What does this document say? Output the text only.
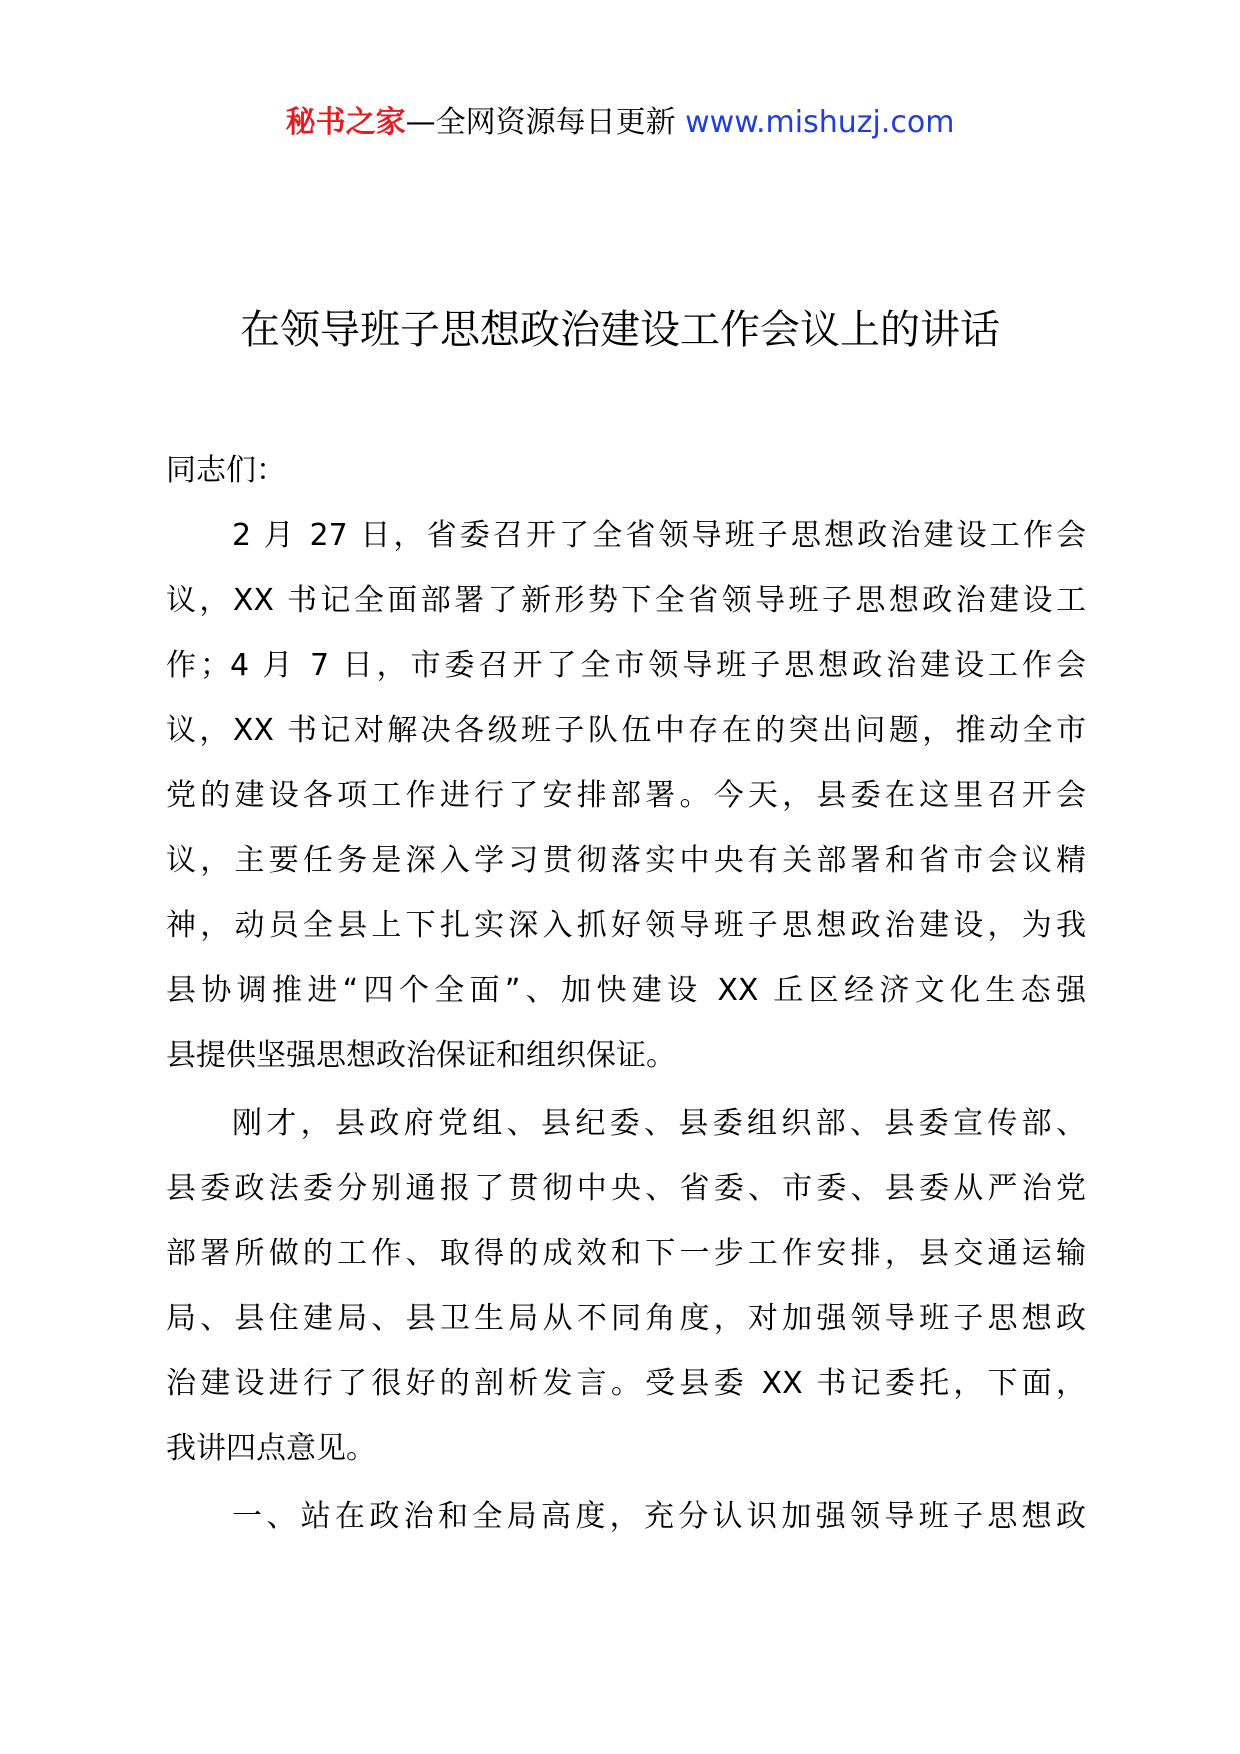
秘书之家—全网资源每日更新 www.mishuzj.com
在领导班子思想政治建设工作会议上的讲话
同志们：
2 月 27 日，省委召开了全省领导班子思想政治建设工作会
议，XX 书记全面部署了新形势下全省领导班子思想政治建设工
作；4 月 7 日，市委召开了全市领导班子思想政治建设工作会
议，XX 书记对解决各级班子队伍中存在的突出问题，推动全市
党的建设各项工作进行了安排部署。今天，县委在这里召开会
议，主要任务是深入学习贯彻落实中央有关部署和省市会议精
神，动员全县上下扎实深入抓好领导班子思想政治建设，为我
县协调推进“四个全面”、加快建设 XX 丘区经济文化生态强
县提供坚强思想政治保证和组织保证。
刚才，县政府党组、县纪委、县委组织部、县委宣传部、
县委政法委分别通报了贯彻中央、省委、市委、县委从严治党
部署所做的工作、取得的成效和下一步工作安排，县交通运输
局、县住建局、县卫生局从不同角度，对加强领导班子思想政
治建设进行了很好的剖析发言。受县委 XX 书记委托，下面，
我讲四点意见。
一、站在政治和全局高度，充分认识加强领导班子思想政
